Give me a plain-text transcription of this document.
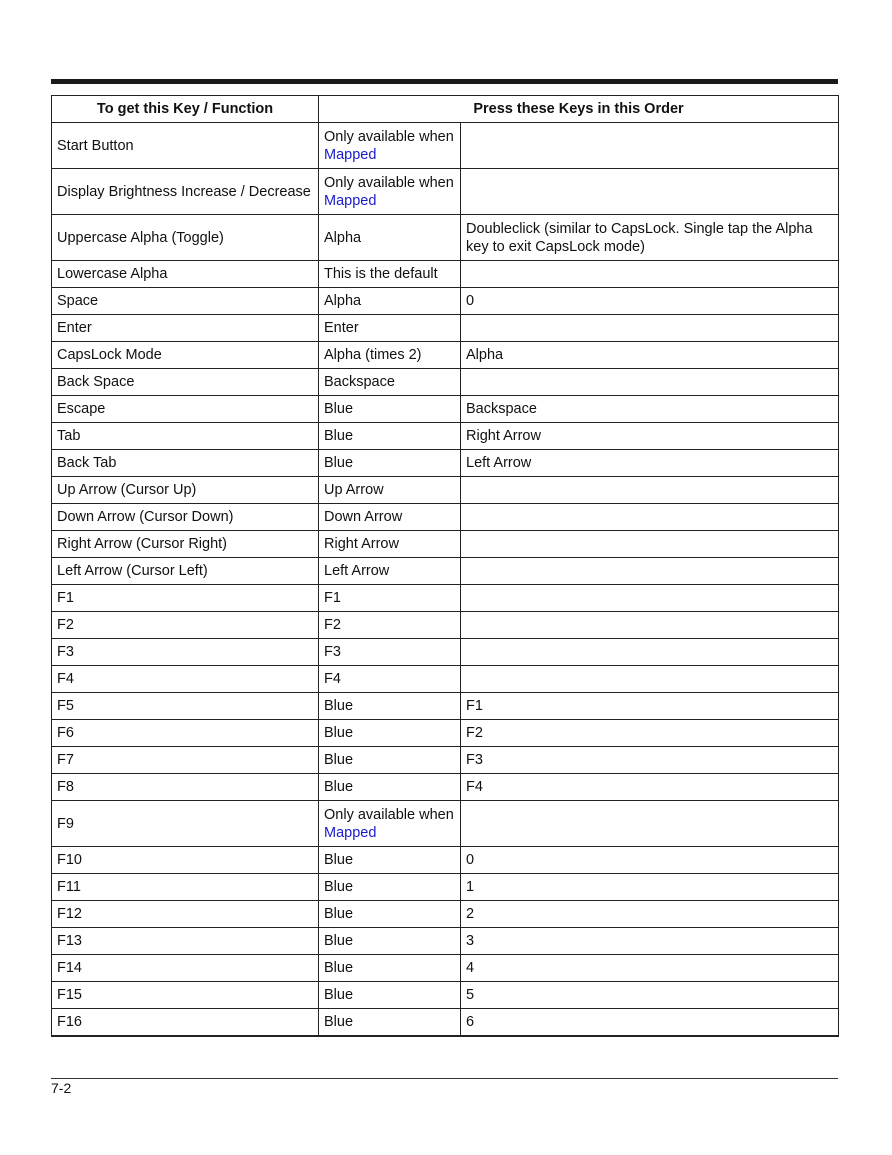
To get this Key / Function	Press these Keys in this Order	
Start Button	Only available when
Mapped	
Display Brightness Increase / Decrease	Only available when
Mapped	
Uppercase Alpha (Toggle)	Alpha	Doubleclick (similar to CapsLock. Single tap the Alpha key to exit CapsLock mode)
Lowercase Alpha	This is the default	
Space	Alpha	0
Enter	Enter	
CapsLock Mode	Alpha (times 2)	Alpha
Back Space	Backspace	
Escape	Blue	Backspace
Tab	Blue	Right Arrow
Back Tab	Blue	Left Arrow
Up Arrow (Cursor Up)	Up Arrow	
Down Arrow (Cursor Down)	Down Arrow	
Right Arrow (Cursor Right)	Right Arrow	
Left Arrow (Cursor Left)	Left Arrow	
F1	F1	
F2	F2	
F3	F3	
F4	F4	
F5	Blue	F1
F6	Blue	F2
F7	Blue	F3
F8	Blue	F4
F9	Only available when
Mapped	
F10	Blue	0
F11	Blue	1
F12	Blue	2
F13	Blue	3
F14	Blue	4
F15	Blue	5
F16	Blue	6
7-2
